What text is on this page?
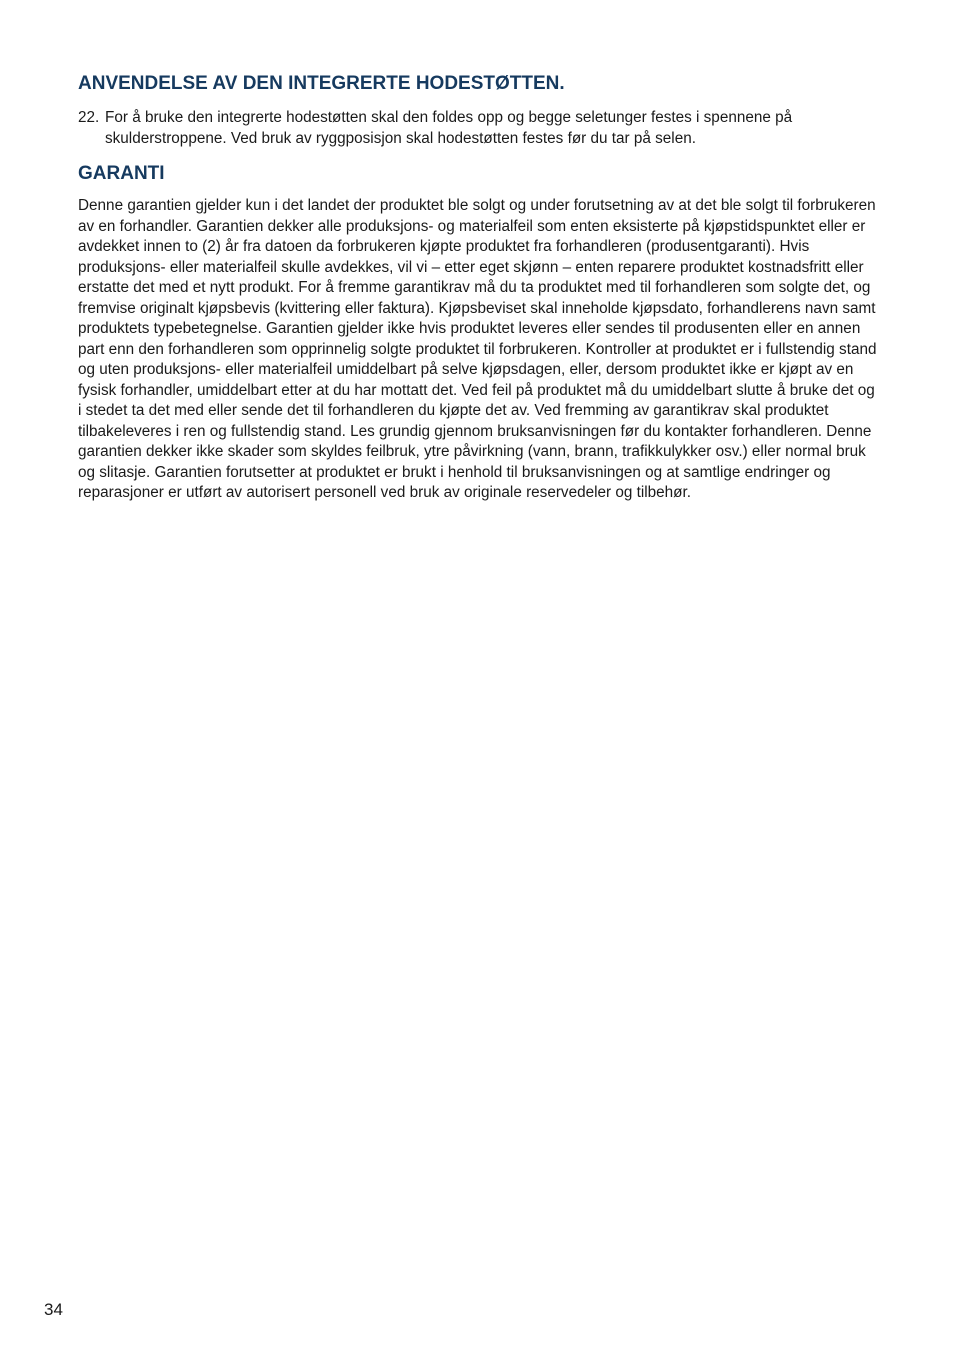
ANVENDELSE AV DEN INTEGRERTE HODESTØTTEN.
22. For å bruke den integrerte hodestøtten skal den foldes opp og begge seletunger festes i spennene på skulderstroppene. Ved bruk av ryggposisjon skal hodestøtten festes før du tar på selen.
GARANTI

Denne garantien gjelder kun i det landet der produktet ble solgt og under forutsetning av at det ble solgt til forbrukeren av en forhandler. Garantien dekker alle produksjons- og materialfeil som enten eksisterte på kjøpstidspunktet eller er avdekket innen to (2) år fra datoen da forbrukeren kjøpte produktet fra forhandleren (produsentgaranti). Hvis produksjons- eller materialfeil skulle avdekkes, vil vi – etter eget skjønn – enten reparere produktet kostnadsfritt eller erstatte det med et nytt produkt. For å fremme garantikrav må du ta produktet med til forhandleren som solgte det, og fremvise originalt kjøpsbevis (kvittering eller faktura). Kjøpsbeviset skal inneholde kjøpsdato, forhandlerens navn samt produktets typebetegnelse. Garantien gjelder ikke hvis produktet leveres eller sendes til produsenten eller en annen part enn den forhandleren som opprinnelig solgte produktet til forbrukeren. Kontroller at produktet er i fullstendig stand og uten produksjons- eller materialfeil umiddelbart på selve kjøpsdagen, eller, dersom produktet ikke er kjøpt av en fysisk forhandler, umiddelbart etter at du har mottatt det. Ved feil på produktet må du umiddelbart slutte å bruke det og i stedet ta det med eller sende det til forhandleren du kjøpte det av. Ved fremming av garantikrav skal produktet tilbakeleveres i ren og fullstendig stand. Les grundig gjennom bruksanvisningen før du kontakter forhandleren. Denne garantien dekker ikke skader som skyldes feilbruk, ytre påvirkning (vann, brann, trafikkulykker osv.) eller normal bruk og slitasje. Garantien forutsetter at produktet er brukt i henhold til bruksanvisningen og at samtlige endringer og reparasjoner er utført av autorisert personell ved bruk av originale reservedeler og tilbehør.

34
